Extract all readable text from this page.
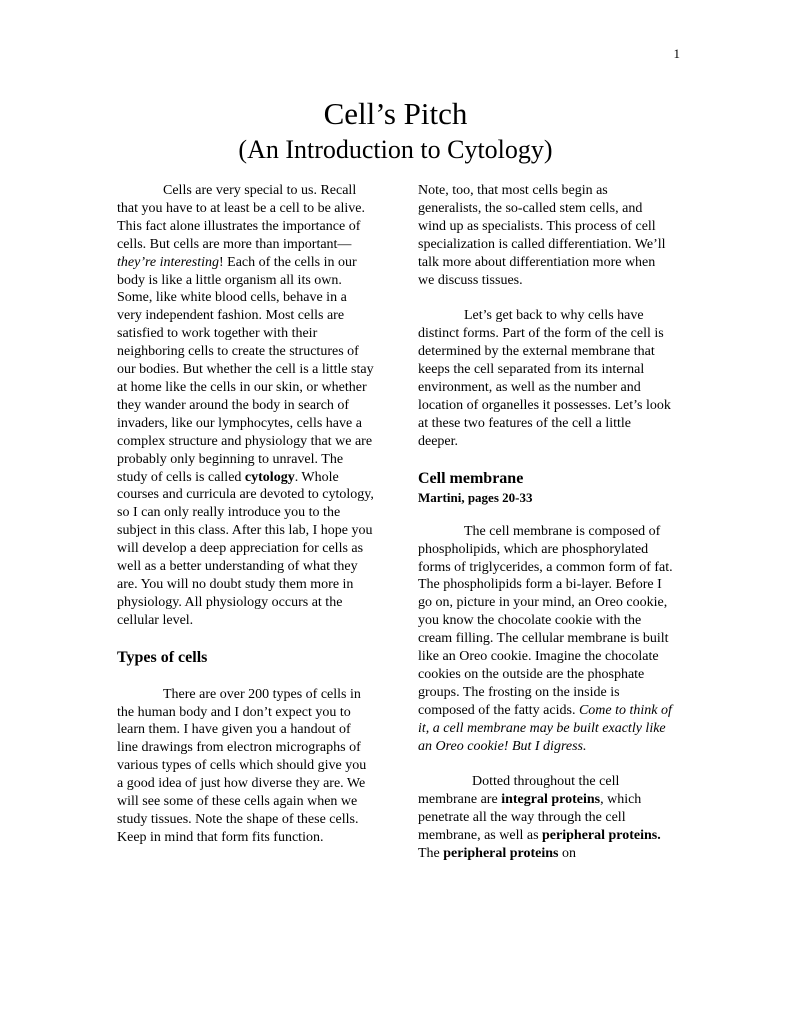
1
Cell’s Pitch
(An Introduction to Cytology)

Cells are very special to us. Recall that you have to at least be a cell to be alive. This fact alone illustrates the importance of cells. But cells are more than important—they’re interesting! Each of the cells in our body is like a little organism all its own. Some, like white blood cells, behave in a very independent fashion. Most cells are satisfied to work together with their neighboring cells to create the structures of our bodies. But whether the cell is a little stay at home like the cells in our skin, or whether they wander around the body in search of invaders, like our lymphocytes, cells have a complex structure and physiology that we are probably only beginning to unravel. The study of cells is called cytology. Whole courses and curricula are devoted to cytology, so I can only really introduce you to the subject in this class. After this lab, I hope you will develop a deep appreciation for cells as well as a better understanding of what they are. You will no doubt study them more in physiology. All physiology occurs at the cellular level.

Types of cells

There are over 200 types of cells in the human body and I don’t expect you to learn them. I have given you a handout of line drawings from electron micrographs of various types of cells which should give you a good idea of just how diverse they are. We will see some of these cells again when we study tissues. Note the shape of these cells. Keep in mind that form fits function.

Note, too, that most cells begin as generalists, the so-called stem cells, and wind up as specialists. This process of cell specialization is called differentiation. We’ll talk more about differentiation more when we discuss tissues.

Let’s get back to why cells have distinct forms. Part of the form of the cell is determined by the external membrane that keeps the cell separated from its internal environment, as well as the number and location of organelles it possesses. Let’s look at these two features of the cell a little deeper.

Cell membrane

Martini, pages 20-33

The cell membrane is composed of phospholipids, which are phosphorylated forms of triglycerides, a common form of fat. The phospholipids form a bi-layer. Before I go on, picture in your mind, an Oreo cookie, you know the chocolate cookie with the cream filling. The cellular membrane is built like an Oreo cookie. Imagine the chocolate cookies on the outside are the phosphate groups. The frosting on the inside is composed of the fatty acids. Come to think of it, a cell membrane may be built exactly like an Oreo cookie! But I digress.

Dotted throughout the cell membrane are integral proteins, which penetrate all the way through the cell membrane, as well as peripheral proteins. The peripheral proteins on
